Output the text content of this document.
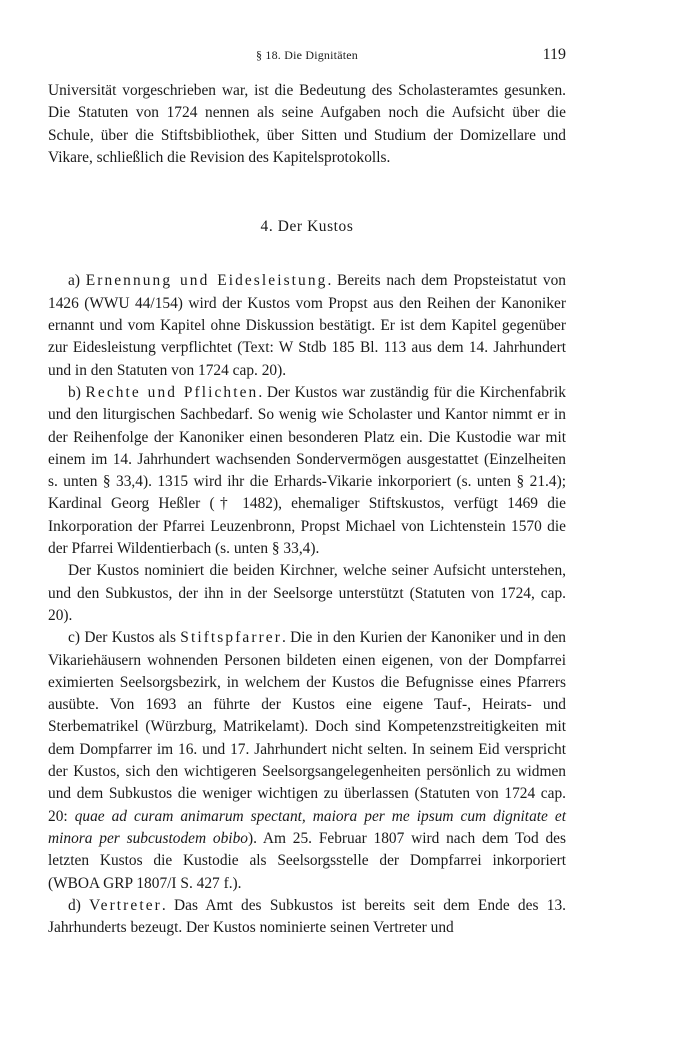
§ 18. Die Dignitäten	119

Universität vorgeschrieben war, ist die Bedeutung des Scholasteramtes gesunken. Die Statuten von 1724 nennen als seine Aufgaben noch die Aufsicht über die Schule, über die Stiftsbibliothek, über Sitten und Studium der Domizellare und Vikare, schließlich die Revision des Kapitelsprotokolls.

4. Der Kustos

a) Ernennung und Eidesleistung. Bereits nach dem Propsteistatut von 1426 (WWU 44/154) wird der Kustos vom Propst aus den Reihen der Kanoniker ernannt und vom Kapitel ohne Diskussion bestätigt. Er ist dem Kapitel gegenüber zur Eidesleistung verpflichtet (Text: W Stdb 185 Bl. 113 aus dem 14. Jahrhundert und in den Statuten von 1724 cap. 20).

b) Rechte und Pflichten. Der Kustos war zuständig für die Kirchenfabrik und den liturgischen Sachbedarf. So wenig wie Scholaster und Kantor nimmt er in der Reihenfolge der Kanoniker einen besonderen Platz ein. Die Kustodie war mit einem im 14. Jahrhundert wachsenden Sondervermögen ausgestattet (Einzelheiten s. unten § 33,4). 1315 wird ihr die Erhards-Vikarie inkorporiert (s. unten § 21.4); Kardinal Georg Heßler († 1482), ehemaliger Stiftskustos, verfügt 1469 die Inkorporation der Pfarrei Leuzenbronn, Propst Michael von Lichtenstein 1570 die der Pfarrei Wildentierbach (s. unten § 33,4).

Der Kustos nominiert die beiden Kirchner, welche seiner Aufsicht unterstehen, und den Subkustos, der ihn in der Seelsorge unterstützt (Statuten von 1724, cap. 20).

c) Der Kustos als Stiftspfarrer. Die in den Kurien der Kanoniker und in den Vikariehäusern wohnenden Personen bildeten einen eigenen, von der Dompfarrei eximierten Seelsorgsbezirk, in welchem der Kustos die Befugnisse eines Pfarrers ausübte. Von 1693 an führte der Kustos eine eigene Tauf-, Heirats- und Sterbematrikel (Würzburg, Matrikelamt). Doch sind Kompetenzstreitigkeiten mit dem Dompfarrer im 16. und 17. Jahrhundert nicht selten. In seinem Eid verspricht der Kustos, sich den wichtigeren Seelsorgsangelegenheiten persönlich zu widmen und dem Subkustos die weniger wichtigen zu überlassen (Statuten von 1724 cap. 20: quae ad curam animarum spectant, maiora per me ipsum cum dignitate et minora per subcustodem obibo). Am 25. Februar 1807 wird nach dem Tod des letzten Kustos die Kustodie als Seelsorgsstelle der Dompfarrei inkorporiert (WBOA GRP 1807/I S. 427 f.).

d) Vertreter. Das Amt des Subkustos ist bereits seit dem Ende des 13. Jahrhunderts bezeugt. Der Kustos nominierte seinen Vertreter und
